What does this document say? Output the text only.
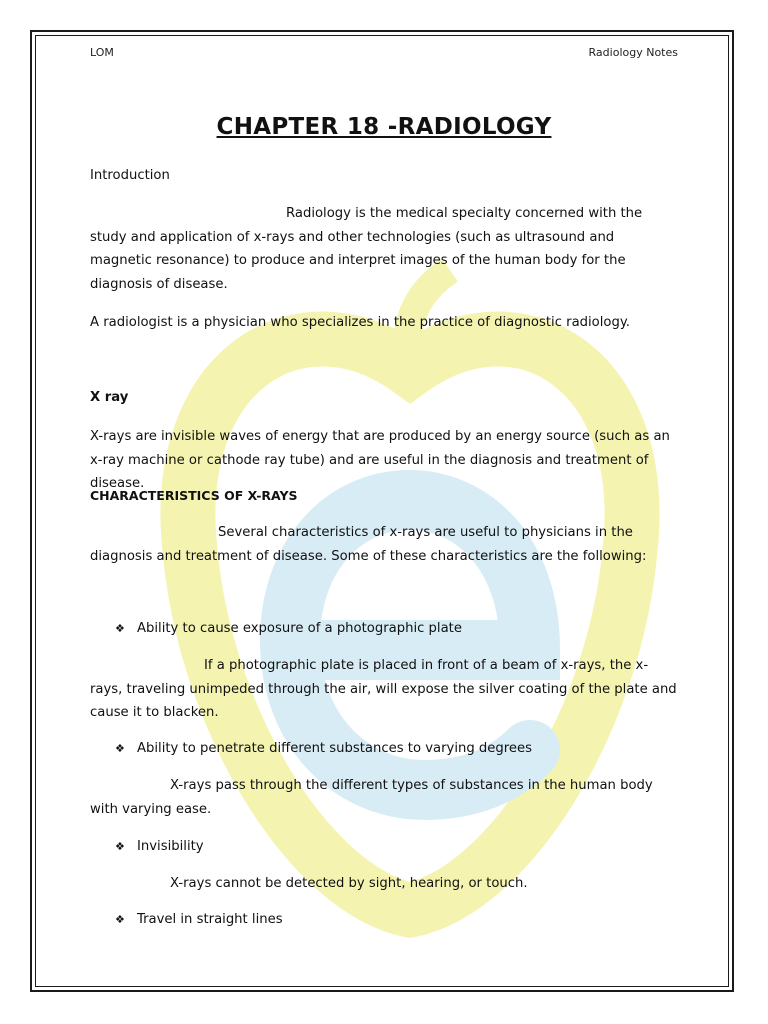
LOM	Radiology Notes
CHAPTER 18 -RADIOLOGY

Introduction

Radiology is the medical specialty concerned with the study and application of x-rays and other technologies (such as ultrasound and magnetic resonance) to produce and interpret images of the human body for the diagnosis of disease.
A radiologist is a physician who specializes in the practice of diagnostic radiology.
X ray
X-rays are invisible waves of energy that are produced by an energy source (such as an x-ray machine or cathode ray tube) and are useful in the diagnosis and treatment of disease.
CHARACTERISTICS OF X-RAYS
Several characteristics of x-rays are useful to physicians in the diagnosis and treatment of disease. Some of these characteristics are the following:
❖ Ability to cause exposure of a photographic plate
If a photographic plate is placed in front of a beam of x-rays, the x-rays, traveling unimpeded through the air, will expose the silver coating of the plate and cause it to blacken.
❖ Ability to penetrate different substances to varying degrees
X-rays pass through the different types of substances in the human body with varying ease.
❖ Invisibility
X-rays cannot be detected by sight, hearing, or touch.
❖ Travel in straight lines
